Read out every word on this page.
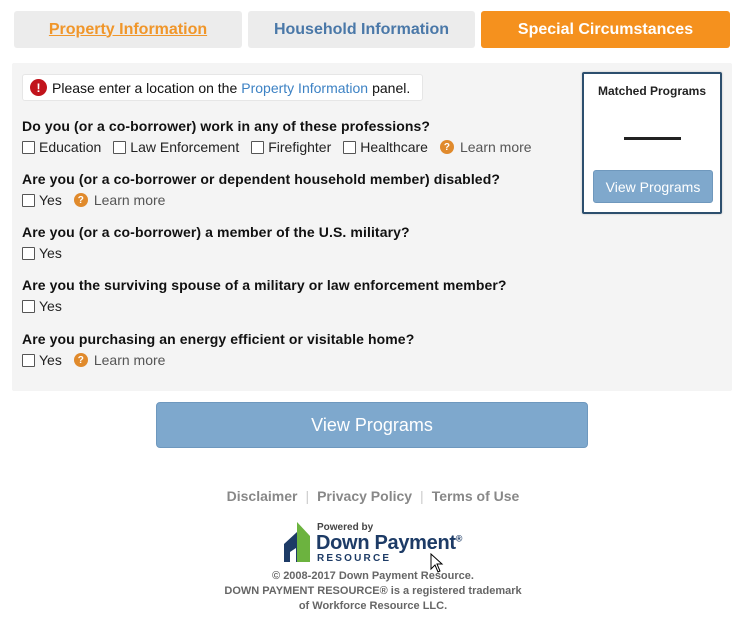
Property Information	Household Information	Special Circumstances
! Please enter a location on the Property Information panel.
Do you (or a co-borrower) work in any of these professions?
Education Law Enforcement Firefighter Healthcare	? Learn more
Are you (or a co-borrower or dependent household member) disabled?
Yes	? Learn more
Are you (or a co-borrower) a member of the U.S. military?
Yes
Are you the surviving spouse of a military or law enforcement member?
Yes
Are you purchasing an energy efficient or visitable home?
Yes	? Learn more
Matched Programs
View Programs
View Programs
Disclaimer | Privacy Policy | Terms of Use
Powered by
Down Payment®
RESOURCE
© 2008-2017 Down Payment Resource.
DOWN PAYMENT RESOURCE® is a registered trademark
of Workforce Resource LLC.
